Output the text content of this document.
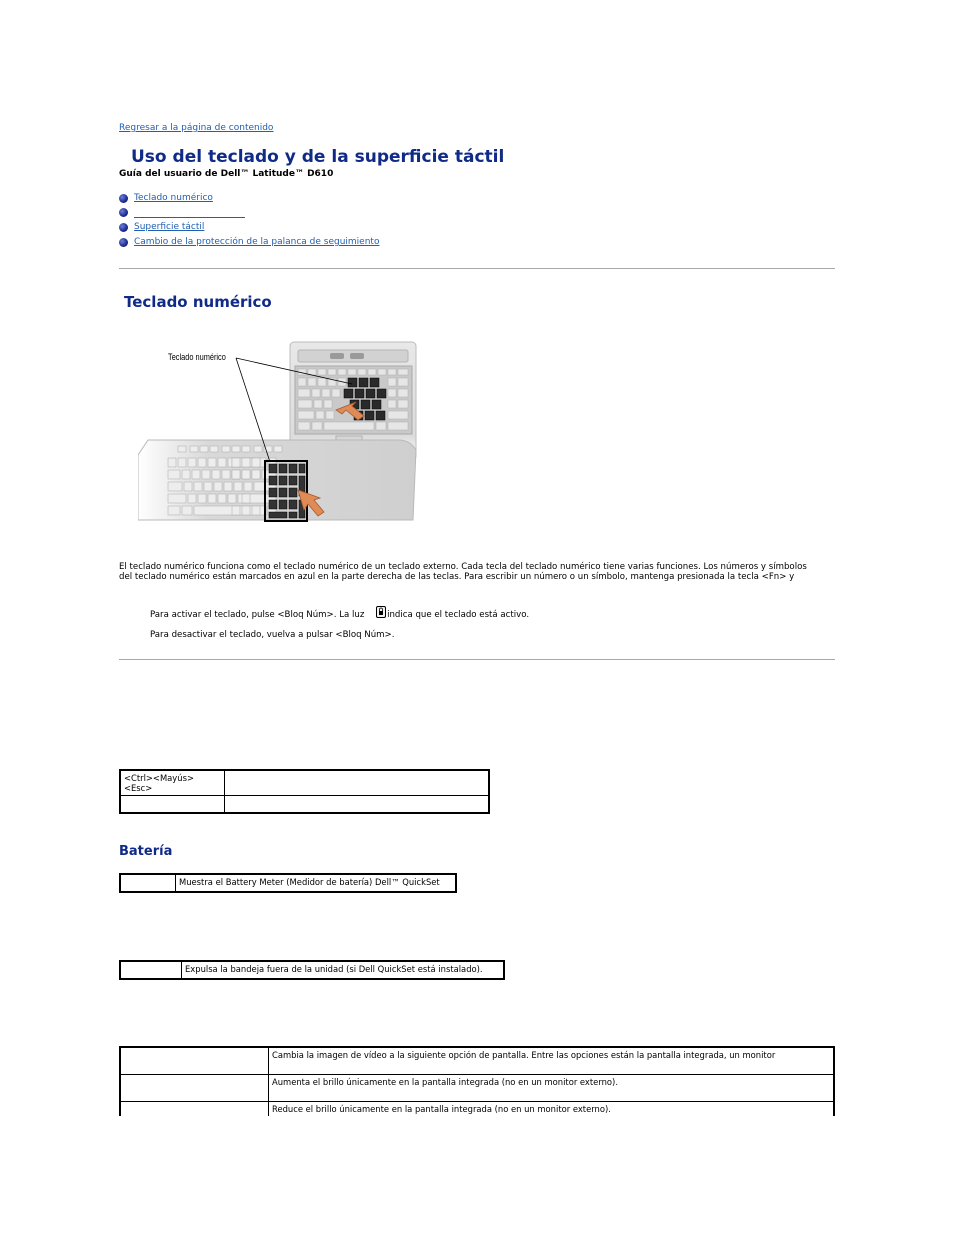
Regresar a la página de contenido
Uso del teclado y de la superficie táctil
Guía del usuario de Dell™ Latitude™ D610
Teclado numérico
Superficie táctil
Cambio de la protección de la palanca de seguimiento
Teclado numérico
Teclado numérico
El teclado numérico funciona como el teclado numérico de un teclado externo. Cada tecla del teclado numérico tiene varias funciones. Los números y símbolos
del teclado numérico están marcados en azul en la parte derecha de las teclas. Para escribir un número o un símbolo, mantenga presionada la tecla <Fn> y
Para activar el teclado, pulse <Bloq Núm>. La luz	indica que el teclado está activo.
Para desactivar el teclado, vuelva a pulsar <Bloq Núm>.
<Ctrl><Mayús><Esc>	

Batería
	Muestra el Battery Meter (Medidor de batería) Dell™ QuickSet
	Expulsa la bandeja fuera de la unidad (si Dell QuickSet está instalado).
	Cambia la imagen de vídeo a la siguiente opción de pantalla. Entre las opciones están la pantalla integrada, un monitor
	Aumenta el brillo únicamente en la pantalla integrada (no en un monitor externo).
	Reduce el brillo únicamente en la pantalla integrada (no en un monitor externo).
